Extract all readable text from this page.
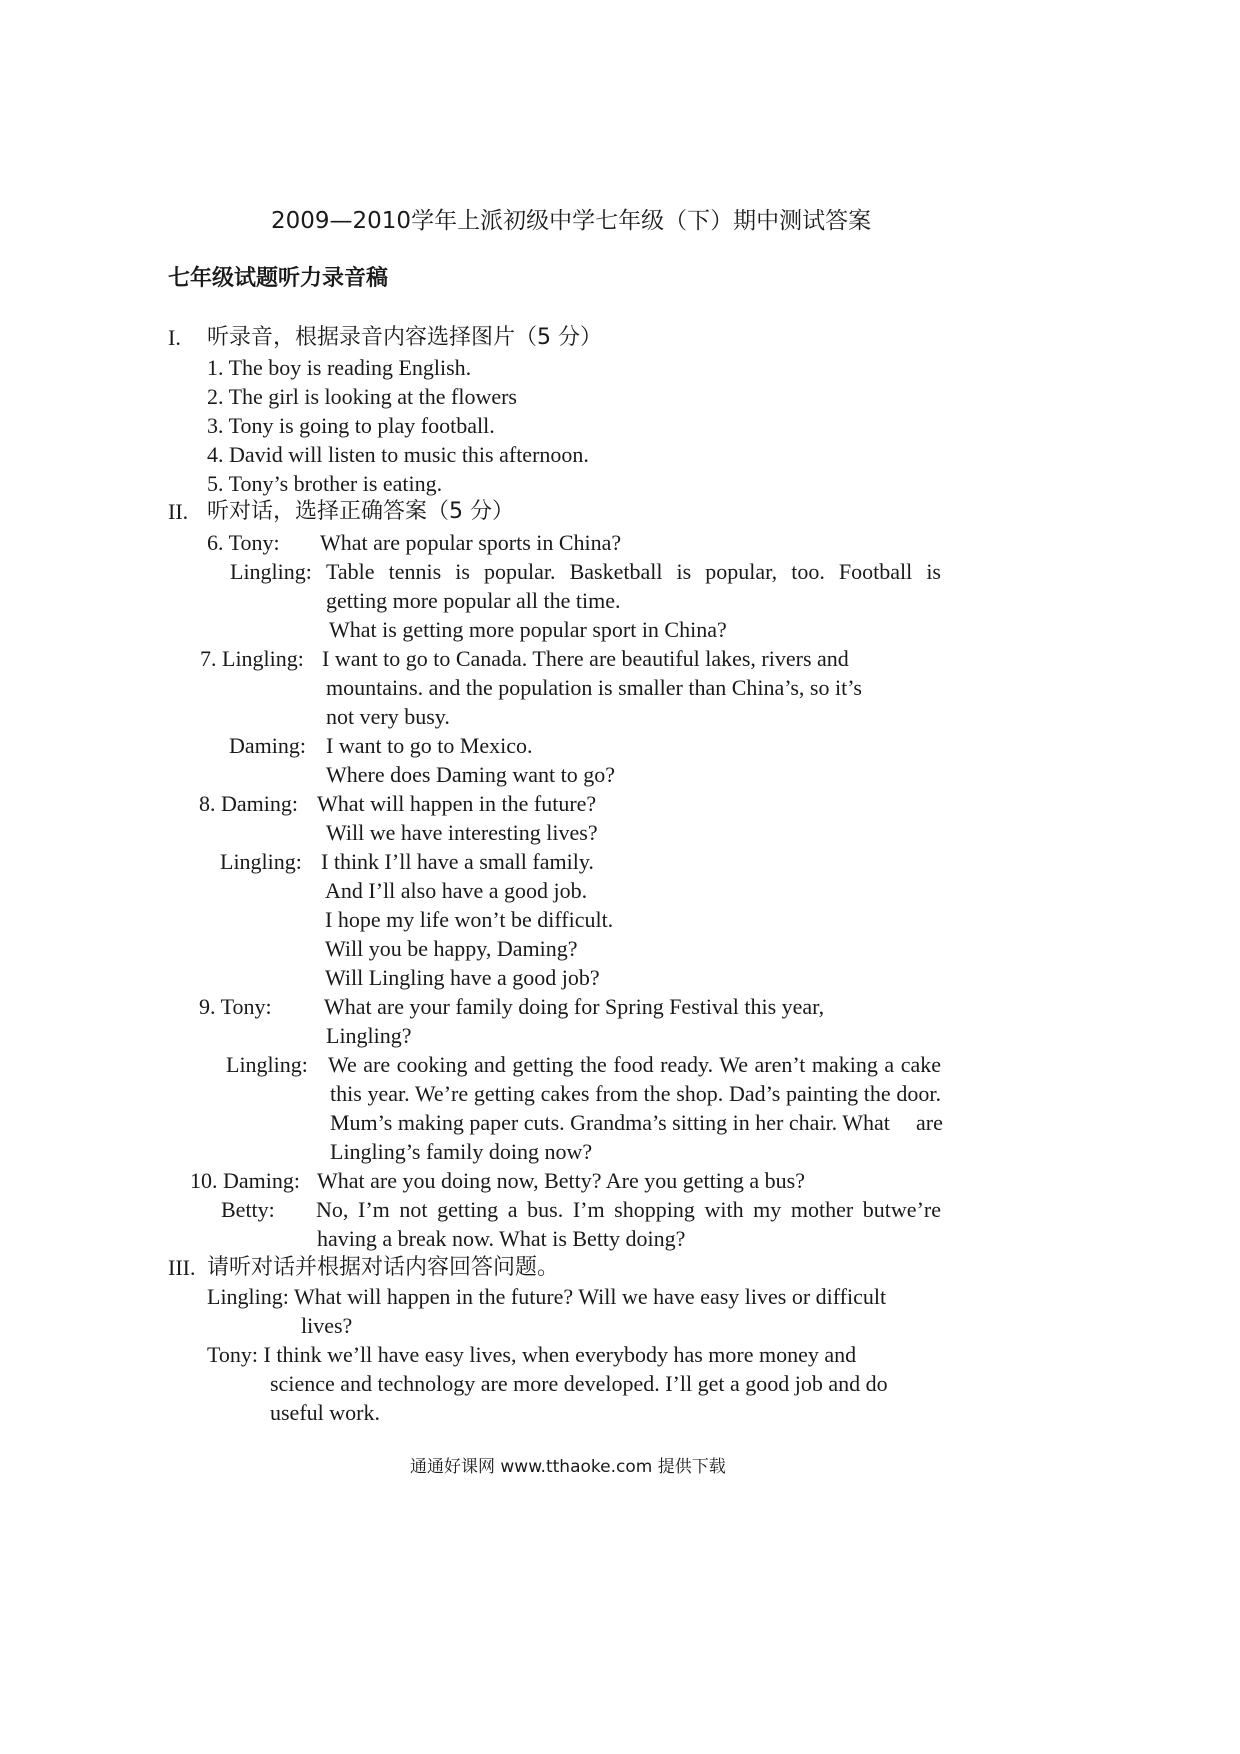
2009—2010学年上派初级中学七年级（下）期中测试答案
七年级试题听力录音稿
I. 听录音，根据录音内容选择图片（5 分）
1. The boy is reading English.
2. The girl is looking at the flowers
3. Tony is going to play football.
4. David will listen to music this afternoon.
5. Tony’s brother is eating.
II. 听对话，选择正确答案（5 分）
6. Tony: What are popular sports in China?
Lingling: Table tennis is popular. Basketball is popular, too. Football is
getting more popular all the time.
What is getting more popular sport in China?
7. Lingling: I want to go to Canada. There are beautiful lakes, rivers and
mountains. and the population is smaller than China’s, so it’s
not very busy.
Daming: I want to go to Mexico.
Where does Daming want to go?
8. Daming: What will happen in the future?
Will we have interesting lives?
Lingling: I think I’ll have a small family.
And I’ll also have a good job.
I hope my life won’t be difficult.
Will you be happy, Daming?
Will Lingling have a good job?
9. Tony: What are your family doing for Spring Festival this year,
Lingling?
Lingling: We are cooking and getting the food ready. We aren’t making a cake
this year. We’re getting cakes from the shop. Dad’s painting the door.
Mum’s making paper cuts. Grandma’s sitting in her chair. What are
Lingling’s family doing now?
10. Daming: What are you doing now, Betty? Are you getting a bus?
Betty: No, I’m not getting a bus. I’m shopping with my mother butwe’re
having a break now. What is Betty doing?
III. 请听对话并根据对话内容回答问题。
Lingling: What will happen in the future? Will we have easy lives or difficult
lives?
Tony: I think we’ll have easy lives, when everybody has more money and
science and technology are more developed. I’ll get a good job and do
useful work.
通通好课网 www.tthaoke.com 提供下载
